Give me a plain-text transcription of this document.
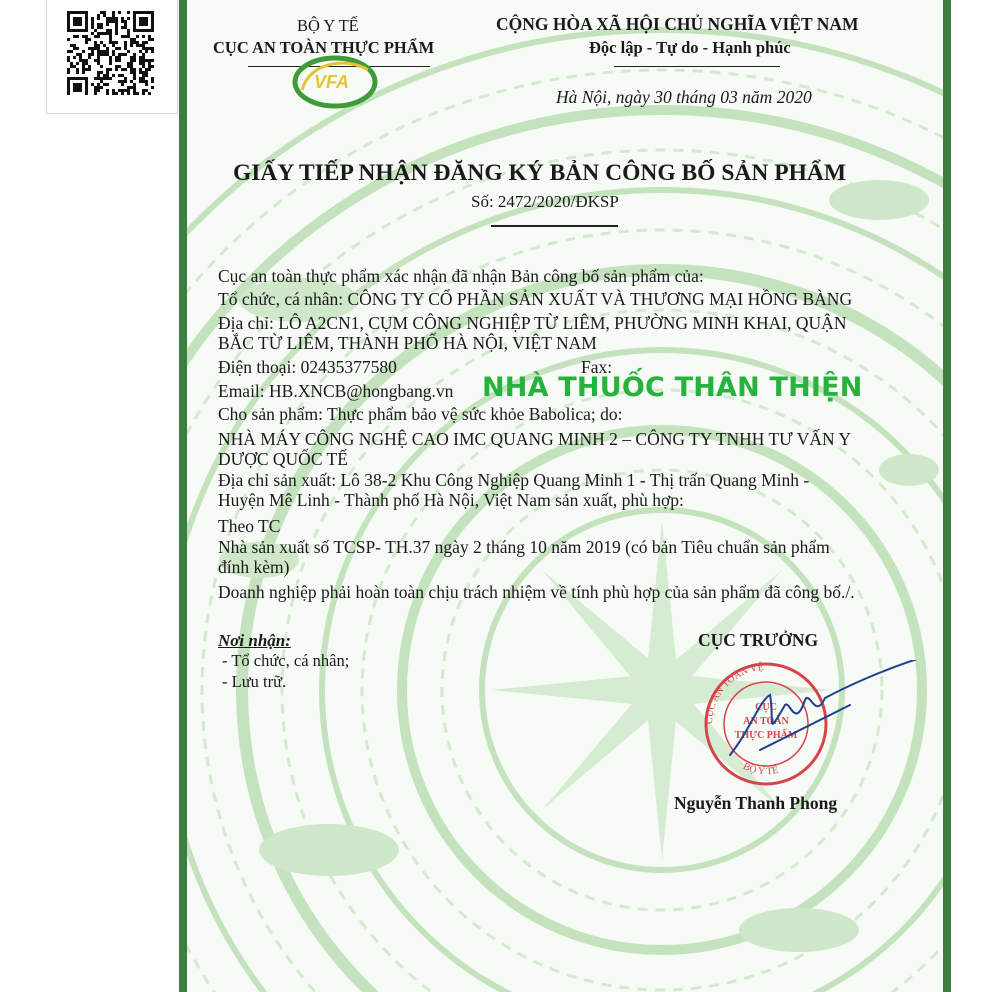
BỘ Y TẾ
CỤC AN TOÀN THỰC PHẨM
VFA
CỘNG HÒA XÃ HỘI CHỦ NGHĨA VIỆT NAM
Độc lập - Tự do - Hạnh phúc
Hà Nội, ngày 30 tháng 03 năm 2020
GIẤY TIẾP NHẬN ĐĂNG KÝ BẢN CÔNG BỐ SẢN PHẨM
Số: 2472/2020/ĐKSP
Cục an toàn thực phẩm xác nhận đã nhận Bản công bố sản phẩm của:
Tổ chức, cá nhân: CÔNG TY CỔ PHẦN SẢN XUẤT VÀ THƯƠNG MẠI HỒNG BÀNG
Địa chỉ: LÔ A2CN1, CỤM CÔNG NGHIỆP TỪ LIÊM, PHƯỜNG MINH KHAI, QUẬN
BẮC TỪ LIÊM, THÀNH PHỐ HÀ NỘI, VIỆT NAM
Điện thoại: 02435377580	Fax:
Email: HB.XNCB@hongbang.vn NHÀ THUỐC THÂN THIỆN
Cho sản phẩm: Thực phẩm bảo vệ sức khỏe Babolica; do:
NHÀ MÁY CÔNG NGHỆ CAO IMC QUANG MINH 2 – CÔNG TY TNHH TƯ VẤN Y
DƯỢC QUỐC TẾ
Địa chỉ sản xuất: Lô 38-2 Khu Công Nghiệp Quang Minh 1 - Thị trấn Quang Minh -
Huyện Mê Linh - Thành phố Hà Nội, Việt Nam sản xuất, phù hợp:
Theo TC
Nhà sản xuất số TCSP- TH.37 ngày 2 tháng 10 năm 2019 (có bản Tiêu chuẩn sản phẩm
đính kèm)
Doanh nghiệp phải hoàn toàn chịu trách nhiệm về tính phù hợp của sản phẩm đã công bố./.
Nơi nhận:
- Tổ chức, cá nhân;
- Lưu trữ.
CỤC TRƯỞNG
CỤC AN TOÀN VỆ
BỘ Y TẾ
CỤC
AN TOÀN
THỰC PHẨM
Nguyễn Thanh Phong
